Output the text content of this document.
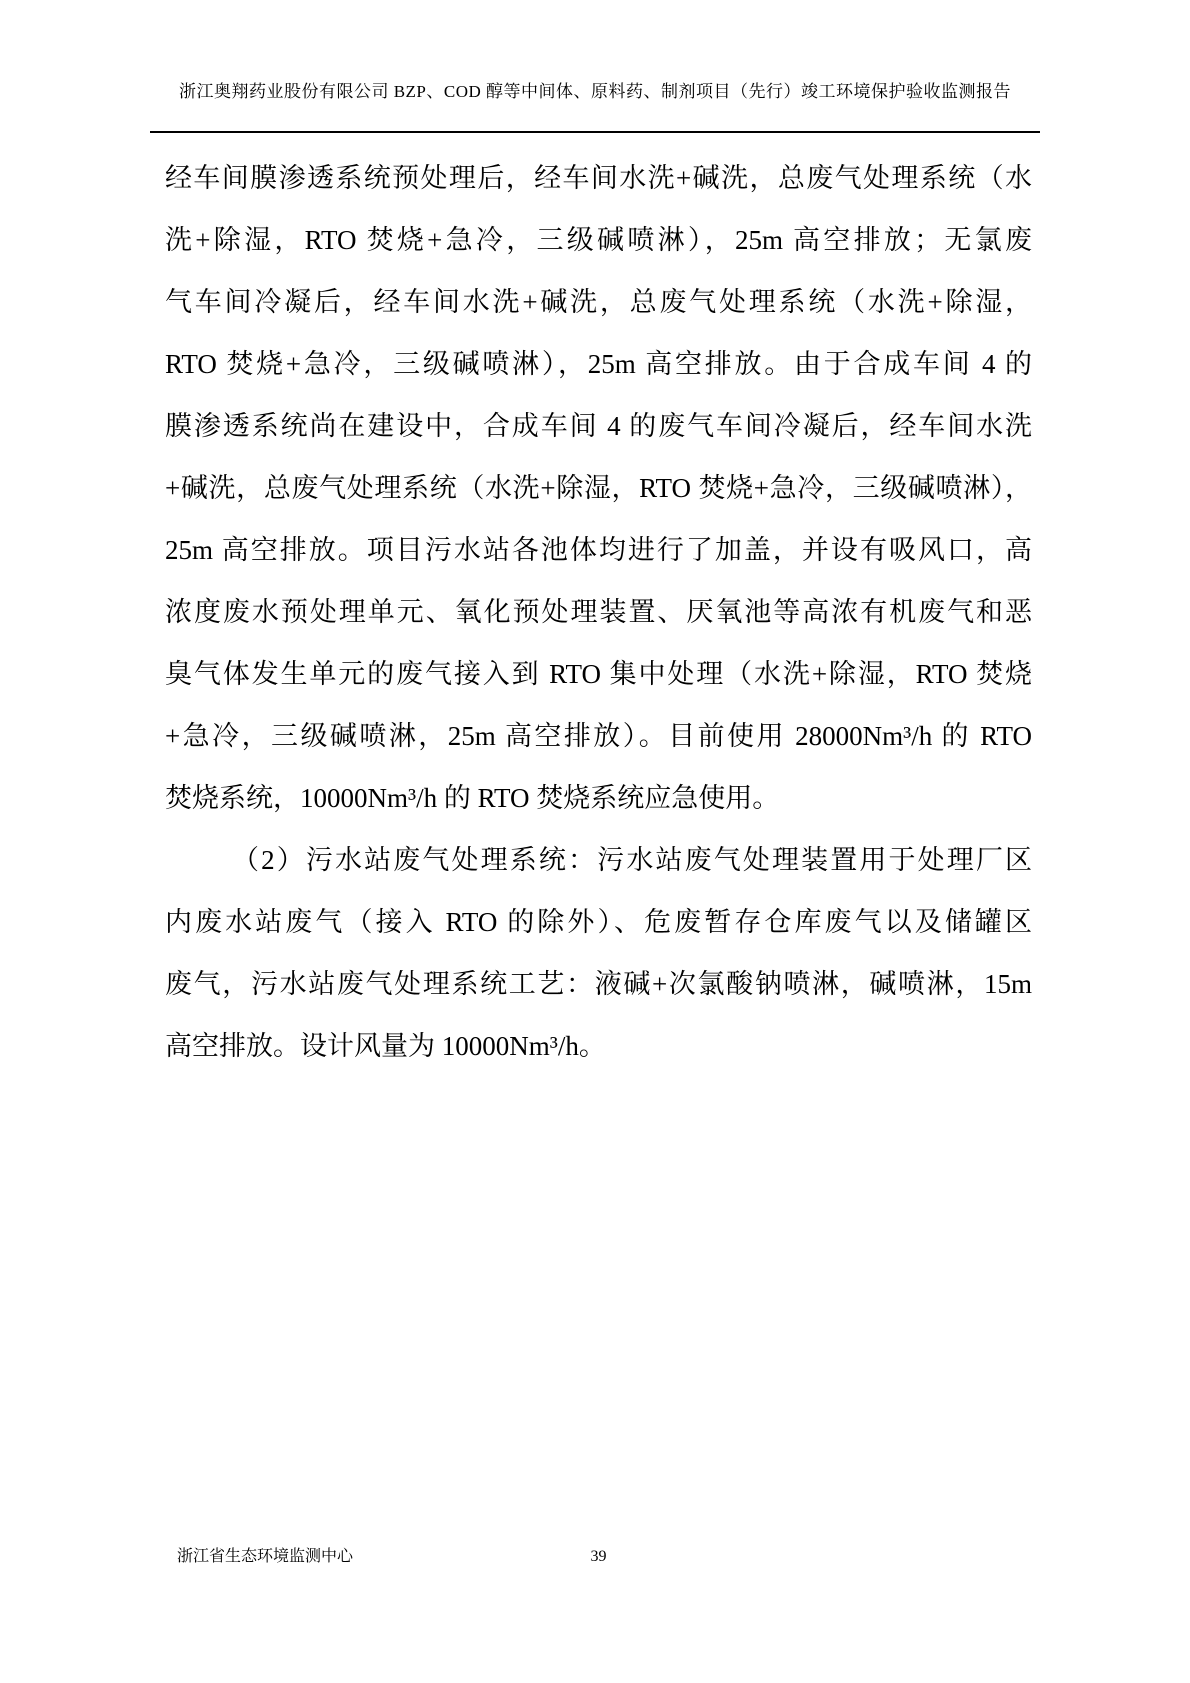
浙江奥翔药业股份有限公司 BZP、COD 醇等中间体、原料药、制剂项目（先行）竣工环境保护验收监测报告
经车间膜渗透系统预处理后，经车间水洗+碱洗，总废气处理系统（水
洗+除湿，RTO 焚烧+急冷，三级碱喷淋），25m 高空排放；无氯废
气车间冷凝后，经车间水洗+碱洗，总废气处理系统（水洗+除湿，
RTO 焚烧+急冷，三级碱喷淋），25m 高空排放。由于合成车间 4 的
膜渗透系统尚在建设中，合成车间 4 的废气车间冷凝后，经车间水洗
+碱洗，总废气处理系统（水洗+除湿，RTO 焚烧+急冷，三级碱喷淋），
25m 高空排放。项目污水站各池体均进行了加盖，并设有吸风口，高
浓度废水预处理单元、氧化预处理装置、厌氧池等高浓有机废气和恶
臭气体发生单元的废气接入到 RTO 集中处理（水洗+除湿，RTO 焚烧
+急冷，三级碱喷淋，25m 高空排放）。目前使用 28000Nm³/h 的 RTO
焚烧系统，10000Nm³/h 的 RTO 焚烧系统应急使用。
（2）污水站废气处理系统：污水站废气处理装置用于处理厂区
内废水站废气（接入 RTO 的除外）、危废暂存仓库废气以及储罐区
废气，污水站废气处理系统工艺：液碱+次氯酸钠喷淋，碱喷淋，15m
高空排放。设计风量为 10000Nm³/h。
浙江省生态环境监测中心	39
